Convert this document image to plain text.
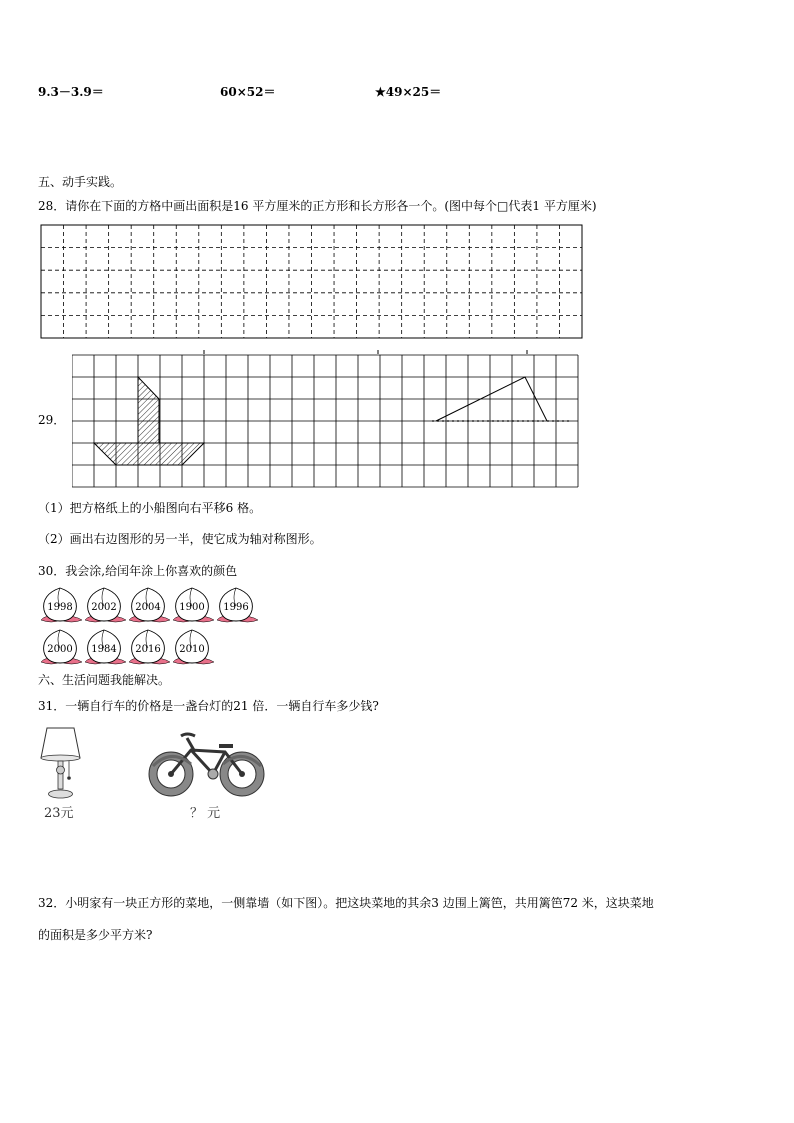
9.3－3.9＝	60×52＝	★49×25＝
五、动手实践。
28．请你在下面的方格中画出面积是16 平方厘米的正方形和长方形各一个。(图中每个□代表1 平方厘米)
29．
（1）把方格纸上的小船图向右平移6 格。
（2）画出右边图形的另一半，使它成为轴对称图形。
30．我会涂,给闰年涂上你喜欢的颜色
1998 2002 2004 1900 1996
2000 1984 2016 2010
六、生活问题我能解决。
31．一辆自行车的价格是一盏台灯的21 倍．一辆自行车多少钱?
23元	？ 元
32．小明家有一块正方形的菜地，一侧靠墙（如下图）。把这块菜地的其余3 边围上篱笆，共用篱笆72 米，这块菜地
的面积是多少平方米?
